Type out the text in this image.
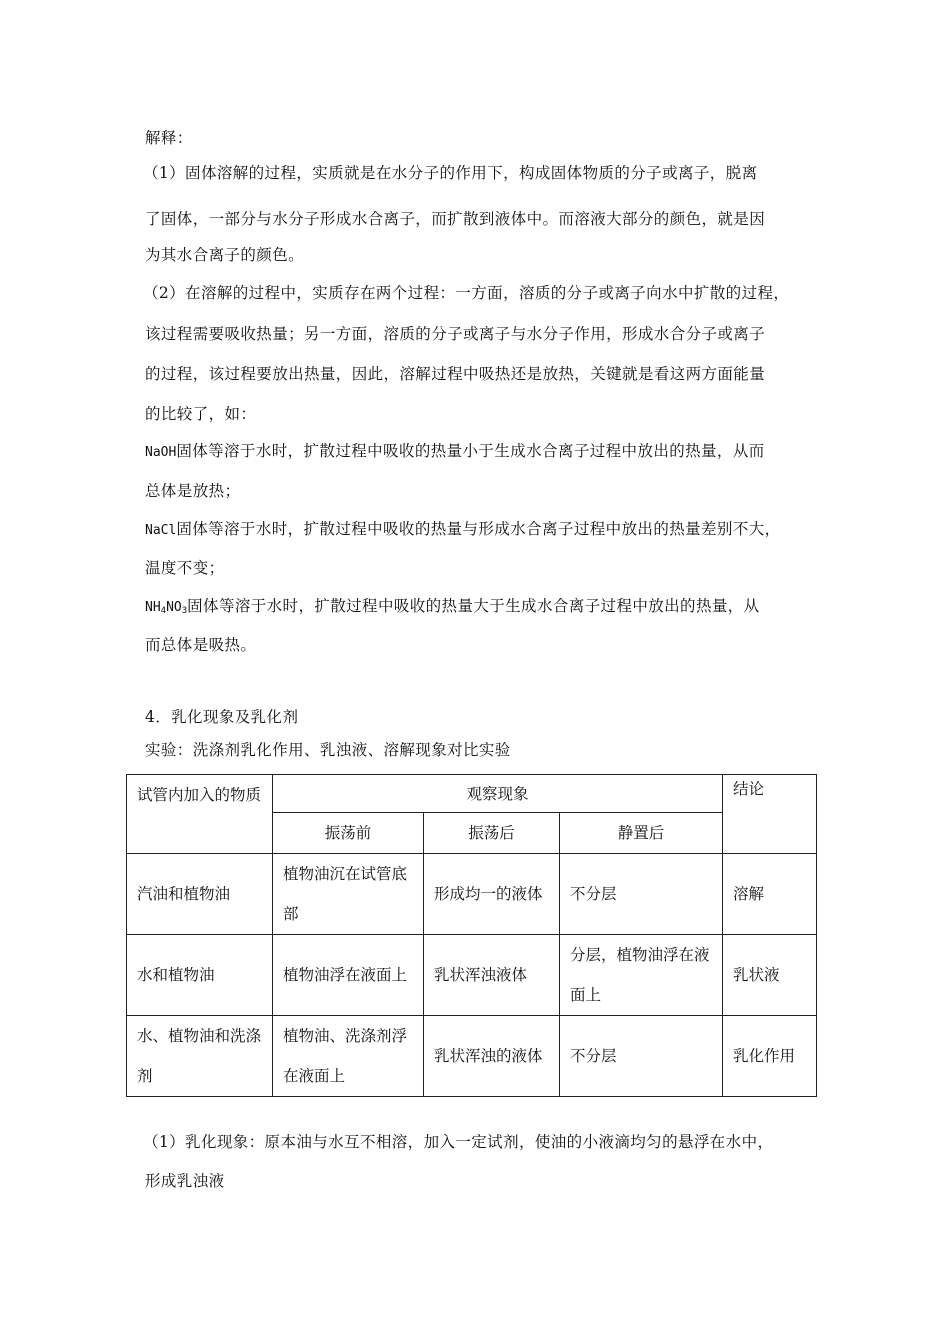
解释：
（1）固体溶解的过程，实质就是在水分子的作用下，构成固体物质的分子或离子，脱离
了固体，一部分与水分子形成水合离子，而扩散到液体中。而溶液大部分的颜色，就是因
为其水合离子的颜色。
（2）在溶解的过程中，实质存在两个过程：一方面，溶质的分子或离子向水中扩散的过程，
该过程需要吸收热量；另一方面，溶质的分子或离子与水分子作用，形成水合分子或离子
的过程，该过程要放出热量，因此，溶解过程中吸热还是放热，关键就是看这两方面能量
的比较了，如：
NaOH固体等溶于水时，扩散过程中吸收的热量小于生成水合离子过程中放出的热量，从而
总体是放热；
NaCl固体等溶于水时，扩散过程中吸收的热量与形成水合离子过程中放出的热量差别不大，
温度不变；
$NH_4NO_3$固体等溶于水时，扩散过程中吸收的热量大于生成水合离子过程中放出的热量，从
而总体是吸热。
4．乳化现象及乳化剂
实验：洗涤剂乳化作用、乳浊液、溶解现象对比实验
试管内加入的物质	观察现象			结论
	振荡前	振荡后	静置后	
汽油和植物油	植物油沉在试管底部	形成均一的液体	不分层	溶解
水和植物油	植物油浮在液面上	乳状浑浊液体	分层，植物油浮在液面上	乳状液
水、植物油和洗涤剂	植物油、洗涤剂浮在液面上	乳状浑浊的液体	不分层	乳化作用
（1）乳化现象：原本油与水互不相溶，加入一定试剂，使油的小液滴均匀的悬浮在水中，
形成乳浊液
